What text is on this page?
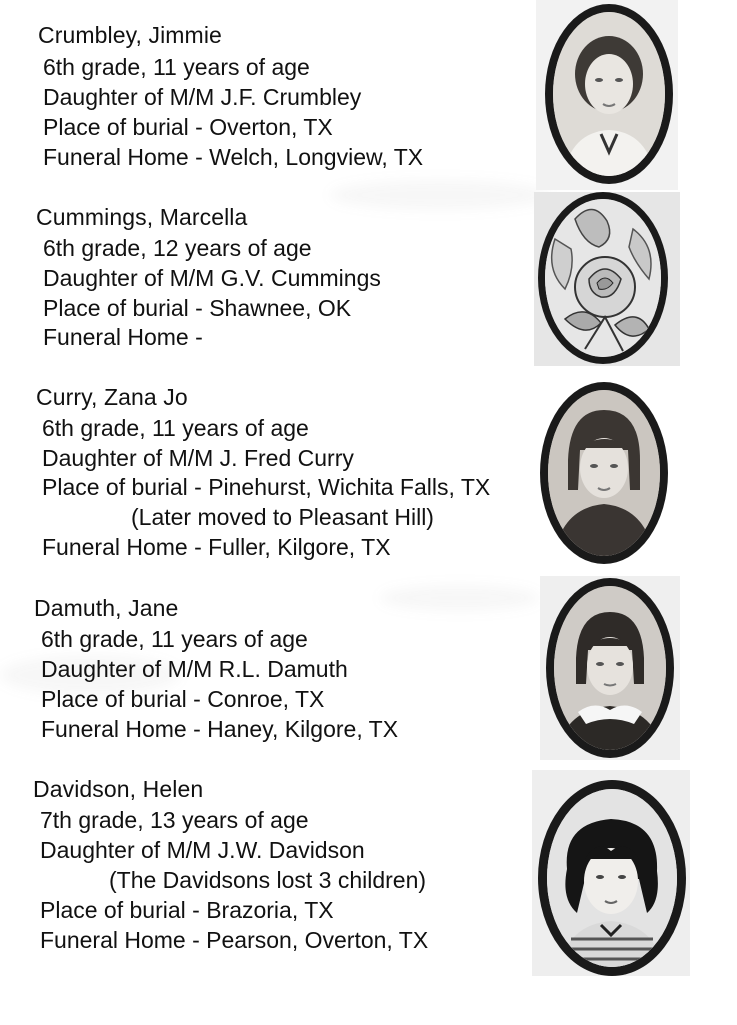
Crumbley, Jimmie
6th grade, 11 years of age
Daughter of M/M J.F. Crumbley
Place of burial - Overton, TX
Funeral Home - Welch, Longview, TX
Cummings, Marcella
6th grade, 12 years of age
Daughter of M/M G.V. Cummings
Place of burial - Shawnee, OK
Funeral Home -
Curry, Zana Jo
6th grade, 11 years of age
Daughter of M/M J. Fred Curry
Place of burial - Pinehurst, Wichita Falls, TX
(Later moved to Pleasant Hill)
Funeral Home - Fuller, Kilgore, TX
Damuth, Jane
6th grade, 11 years of age
Daughter of M/M R.L. Damuth
Place of burial - Conroe, TX
Funeral Home - Haney, Kilgore, TX
Davidson, Helen
7th grade, 13 years of age
Daughter of M/M J.W. Davidson
(The Davidsons lost 3 children)
Place of burial - Brazoria, TX
Funeral Home - Pearson, Overton, TX
